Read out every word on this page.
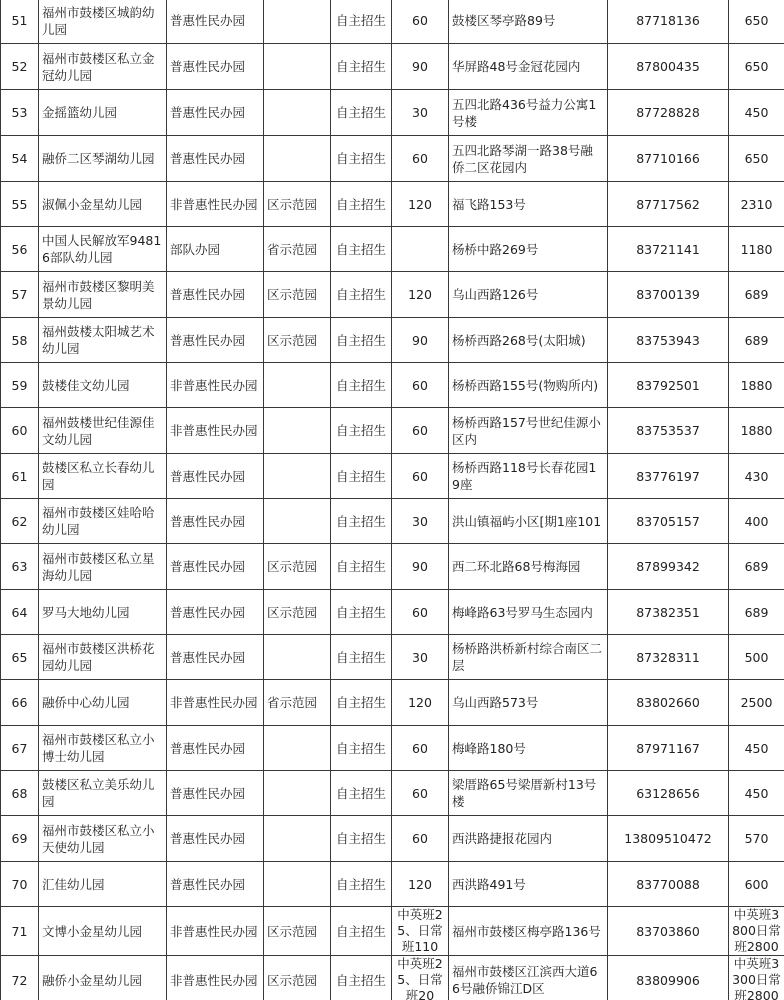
51	福州市鼓楼区城韵幼儿园	普惠性民办园		自主招生	60	鼓楼区琴亭路89号	87718136	650
52	福州市鼓楼区私立金冠幼儿园	普惠性民办园		自主招生	90	华屏路48号金冠花园内	87800435	650
53	金摇篮幼儿园	普惠性民办园		自主招生	30	五四北路436号益力公寓1号楼	87728828	450
54	融侨二区琴湖幼儿园	普惠性民办园		自主招生	60	五四北路琴湖一路38号融侨二区花园内	87710166	650
55	淑佩小金星幼儿园	非普惠性民办园	区示范园	自主招生	120	福飞路153号	87717562	2310
56	中国人民解放军94816部队幼儿园	部队办园	省示范园	自主招生		杨桥中路269号	83721141	1180
57	福州市鼓楼区黎明美景幼儿园	普惠性民办园	区示范园	自主招生	120	乌山西路126号	83700139	689
58	福州鼓楼太阳城艺术幼儿园	普惠性民办园	区示范园	自主招生	90	杨桥西路268号(太阳城)	83753943	689
59	鼓楼佳文幼儿园	非普惠性民办园		自主招生	60	杨桥西路155号(物购所内)	83792501	1880
60	福州鼓楼世纪佳源佳文幼儿园	非普惠性民办园		自主招生	60	杨桥西路157号世纪佳源小区内	83753537	1880
61	鼓楼区私立长春幼儿园	普惠性民办园		自主招生	60	杨桥西路118号长春花园19座	83776197	430
62	福州市鼓楼区娃哈哈幼儿园	普惠性民办园		自主招生	30	洪山镇福屿小区[期1座101	83705157	400
63	福州市鼓楼区私立星海幼儿园	普惠性民办园	区示范园	自主招生	90	西二环北路68号梅海园	87899342	689
64	罗马大地幼儿园	普惠性民办园	区示范园	自主招生	60	梅峰路63号罗马生态园内	87382351	689
65	福州市鼓楼区洪桥花园幼儿园	普惠性民办园		自主招生	30	杨桥路洪桥新村综合南区二层	87328311	500
66	融侨中心幼儿园	非普惠性民办园	省示范园	自主招生	120	乌山西路573号	83802660	2500
67	福州市鼓楼区私立小博士幼儿园	普惠性民办园		自主招生	60	梅峰路180号	87971167	450
68	鼓楼区私立美乐幼儿园	普惠性民办园		自主招生	60	梁厝路65号梁厝新村13号楼	63128656	450
69	福州市鼓楼区私立小天使幼儿园	普惠性民办园		自主招生	60	西洪路捷报花园内	13809510472	570
70	汇佳幼儿园	普惠性民办园		自主招生	120	西洪路491号	83770088	600
71	文博小金星幼儿园	非普惠性民办园	区示范园	自主招生	中英班25、日常班110	福州市鼓楼区梅亭路136号	83703860	中英班3800日常班2800
72	融侨小金星幼儿园	非普惠性民办园	区示范园	自主招生	中英班25、日常班20	福州市鼓楼区江滨西大道66号融侨锦江D区	83809906	中英班3300日常班2800
